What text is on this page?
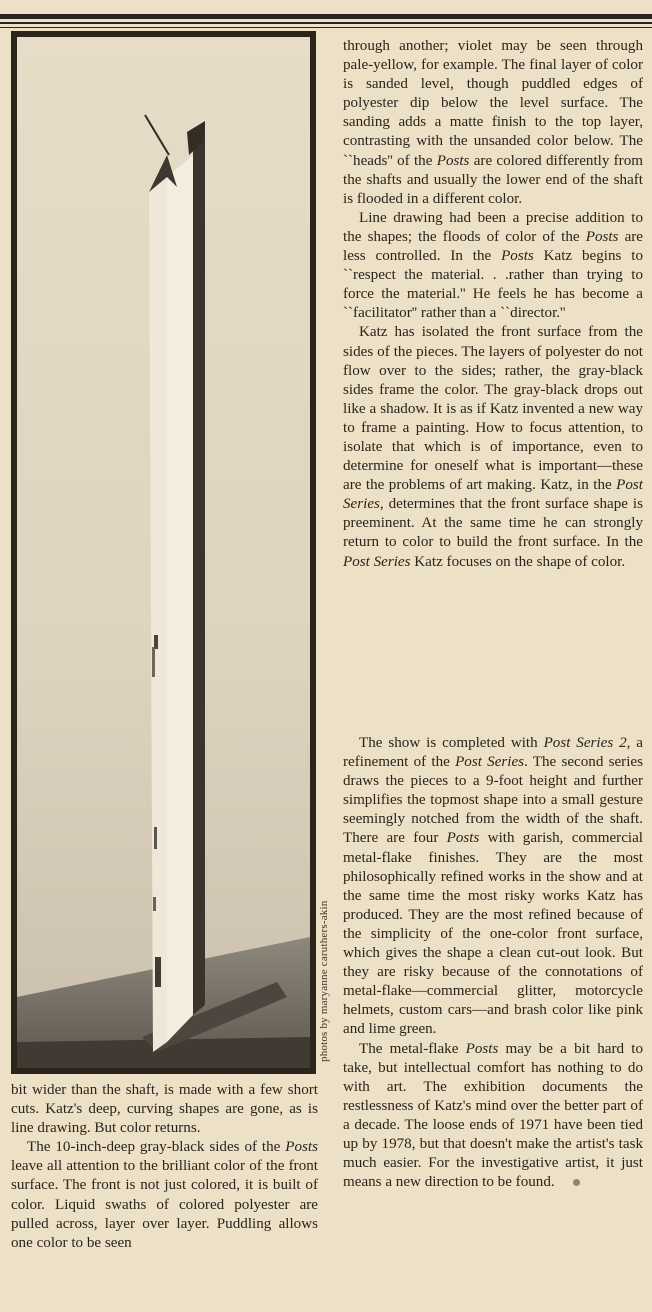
photos by maryanne caruthers-akin

bit wider than the shaft, is made with a few short cuts. Katz's deep, curving shapes are gone, as is line drawing. But color returns.

The 10-inch-deep gray-black sides of the Posts leave all attention to the brilliant color of the front surface. The front is not just colored, it is built of color. Liquid swaths of colored polyester are pulled across, layer over layer. Puddling allows one color to be seen

through another; violet may be seen through pale-yellow, for example. The final layer of color is sanded level, though puddled edges of polyester dip below the level surface. The sanding adds a matte finish to the top layer, contrasting with the unsanded color below. The ``heads'' of the Posts are colored differently from the shafts and usually the lower end of the shaft is flooded in a different color.

Line drawing had been a precise addition to the shapes; the floods of color of the Posts are less controlled. In the Posts Katz begins to ``respect the material. . .rather than trying to force the material.'' He feels he has become a ``facilitator'' rather than a ``director.''

Katz has isolated the front surface from the sides of the pieces. The layers of polyester do not flow over to the sides; rather, the gray-black sides frame the color. The gray-black drops out like a shadow. It is as if Katz invented a new way to frame a painting. How to focus attention, to isolate that which is of importance, even to determine for oneself what is important—these are the problems of art making. Katz, in the Post Series, determines that the front surface shape is preeminent. At the same time he can strongly return to color to build the front surface. In the Post Series Katz focuses on the shape of color.

The show is completed with Post Series 2, a refinement of the Post Series. The second series draws the pieces to a 9-foot height and further simplifies the topmost shape into a small gesture seemingly notched from the width of the shaft. There are four Posts with garish, commercial metal-flake finishes. They are the most philosophically refined works in the show and at the same time the most risky works Katz has produced. They are the most refined because of the simplicity of the one-color front surface, which gives the shape a clean cut-out look. But they are risky because of the connotations of metal-flake—commercial glitter, motorcycle helmets, custom cars—and brash color like pink and lime green.

The metal-flake Posts may be a bit hard to take, but intellectual comfort has nothing to do with art. The exhibition documents the restlessness of Katz's mind over the better part of a decade. The loose ends of 1971 have been tied up by 1978, but that doesn't make the artist's task much easier. For the investigative artist, it just means a new direction to be found.
